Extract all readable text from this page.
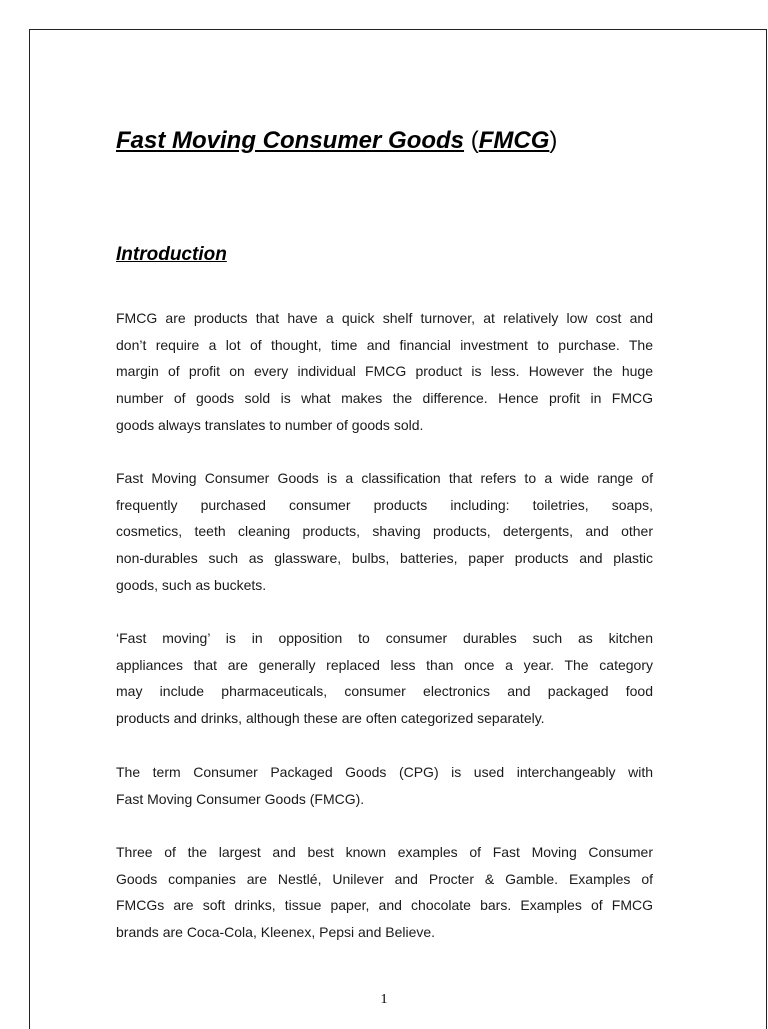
Fast Moving Consumer Goods (FMCG)
Introduction

FMCG are products that have a quick shelf turnover, at relatively low cost and
don’t require a lot of thought, time and financial investment to purchase. The
margin of profit on every individual FMCG product is less. However the huge
number of goods sold is what makes the difference. Hence profit in FMCG
goods always translates to number of goods sold.

Fast Moving Consumer Goods is a classification that refers to a wide range of
frequently purchased consumer products including: toiletries, soaps,
cosmetics, teeth cleaning products, shaving products, detergents, and other
non-durables such as glassware, bulbs, batteries, paper products and plastic
goods, such as buckets.

‘Fast moving’ is in opposition to consumer durables such as kitchen
appliances that are generally replaced less than once a year. The category
may include pharmaceuticals, consumer electronics and packaged food
products and drinks, although these are often categorized separately.

The term Consumer Packaged Goods (CPG) is used interchangeably with
Fast Moving Consumer Goods (FMCG).

Three of the largest and best known examples of Fast Moving Consumer
Goods companies are Nestlé, Unilever and Procter & Gamble. Examples of
FMCGs are soft drinks, tissue paper, and chocolate bars. Examples of FMCG
brands are Coca-Cola, Kleenex, Pepsi and Believe.

1
